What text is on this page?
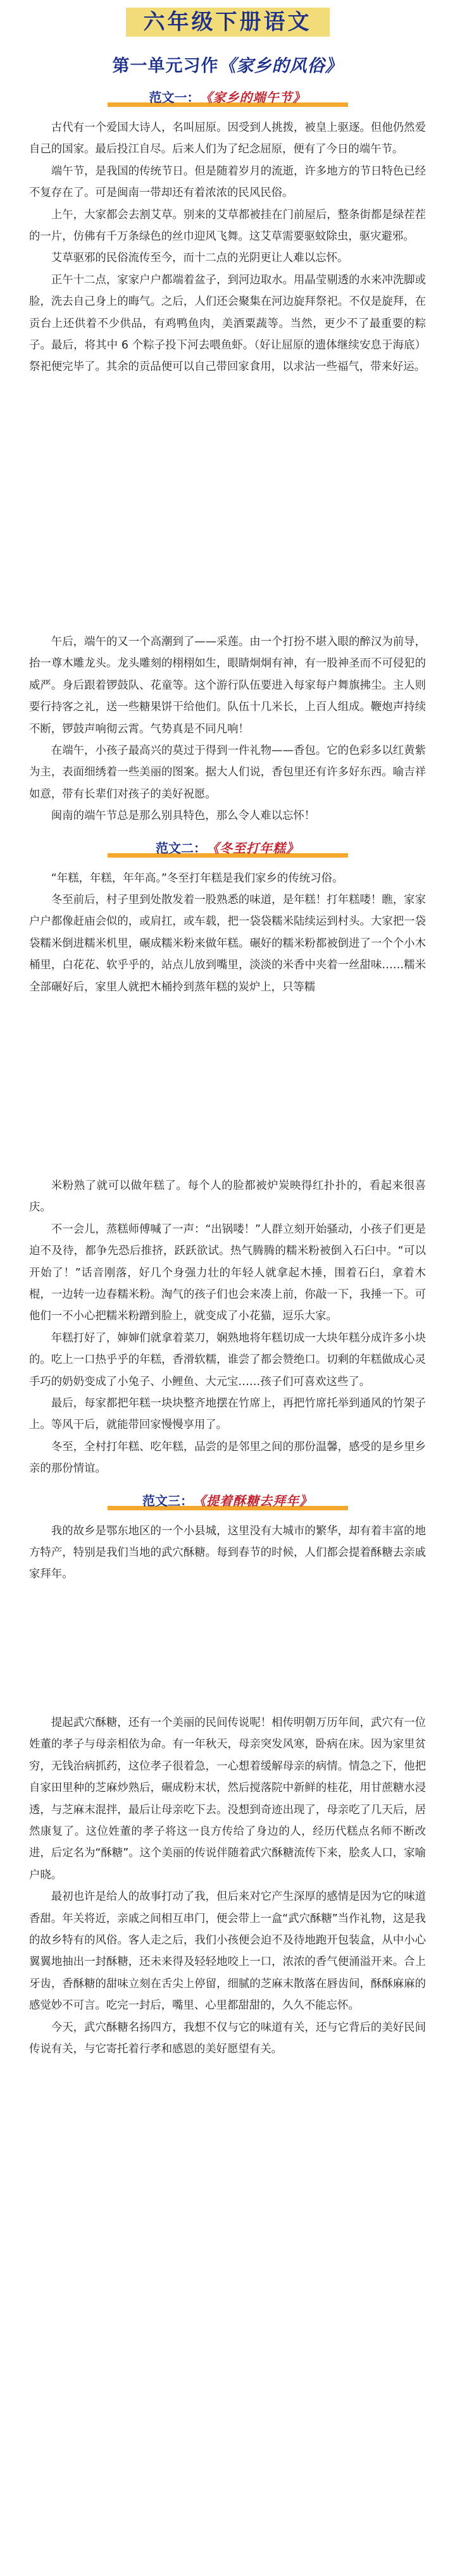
六年级下册语文
第一单元习作《家乡的风俗》
范文一： 《家乡的端午节》

古代有一个爱国大诗人，名叫屈原。因受到人挑拨，被皇上驱逐。但他仍然爱自己的国家。最后投江自尽。后来人们为了纪念屈原，便有了今日的端午节。

端午节，是我国的传统节日。但是随着岁月的流逝，许多地方的节日特色已经不复存在了。可是闽南一带却还有着浓浓的民风民俗。

上午，大家都会去割艾草。别来的艾草都被挂在门前屋后，整条街都是绿茬茬的一片，仿佛有千万条绿色的丝巾迎风飞舞。这艾草需要驱蚊除虫，驱灾避邪。

艾草驱邪的民俗流传至今，而十二点的光阴更让人难以忘怀。

正午十二点，家家户户都端着盆子，到河边取水。用晶莹剔透的水来冲洗脚或脸，洗去自己身上的晦气。之后，人们还会聚集在河边旋拜祭祀。不仅是旋拜，在贡台上还供着不少供品，有鸡鸭鱼肉，美酒粟蔬等。当然，更少不了最重要的粽子。最后，将其中 6 个粽子投下河去喂鱼虾。（好让屈原的遗体继续安息于海底）祭祀便完毕了。其余的贡品便可以自己带回家食用，以求沾一些福气，带来好运。

午后，端午的又一个高潮到了——采莲。由一个打扮不堪入眼的醉汉为前导，抬一尊木雕龙头。龙头雕刻的栩栩如生，眼睛炯炯有神，有一股神圣而不可侵犯的威严。身后跟着锣鼓队、花童等。这个游行队伍要进入每家每户舞旗拂尘。主人则要行持客之礼，送一些糖果饼干给他们。队伍十几米长，上百人组成。鞭炮声持续不断，锣鼓声响彻云霄。气势真是不同凡响！

在端午，小孩子最高兴的莫过于得到一件礼物——香包。它的色彩多以红黄紫为主，表面细绣着一些美丽的图案。据大人们说，香包里还有许多好东西。喻吉祥如意，带有长辈们对孩子的美好祝愿。

闽南的端午节总是那么别具特色，那么令人难以忘怀！

范文二： 《冬至打年糕》

“年糕，年糕，年年高。”冬至打年糕是我们家乡的传统习俗。

冬至前后，村子里到处散发着一股熟悉的味道，是年糕！打年糕喽！瞧，家家户户都像赶庙会似的，或肩扛，或车载，把一袋袋糯米陆续运到村头。大家把一袋袋糯米倒进糯米机里，碾成糯米粉来做年糕。碾好的糯米粉都被倒进了一个个小木桶里，白花花、软乎乎的，站点儿放到嘴里，淡淡的米香中夹着一丝甜味……糯米全部碾好后，家里人就把木桶拎到蒸年糕的炭炉上，只等糯

米粉熟了就可以做年糕了。每个人的脸都被炉炭映得红扑扑的，看起来很喜庆。

不一会儿，蒸糕师傅喊了一声：“出锅喽！”人群立刻开始骚动，小孩子们更是迫不及待，都争先恐后推挤，跃跃欲试。热气腾腾的糯米粉被倒入石臼中。“可以开始了！”话音刚落，好几个身强力壮的年轻人就拿起木捶，围着石臼，拿着木棍，一边转一边春糯米粉。淘气的孩子们也会来凑上前，你敲一下，我捶一下。可他们一不小心把糯米粉蹭到脸上，就变成了小花猫，逗乐大家。

年糕打好了，婶婶们就拿着菜刀，娴熟地将年糕切成一大块年糕分成许多小块的。吃上一口热乎乎的年糕，香滑软糯，谁尝了都会赞绝口。切剩的年糕做成心灵手巧的奶奶变成了小兔子、小鲤鱼、大元宝……孩子们可喜欢这些了。

最后，每家都把年糕一块块整齐地摆在竹席上，再把竹席托举到通风的竹架子上。等风干后，就能带回家慢慢享用了。

冬至，全村打年糕、吃年糕，品尝的是邻里之间的那份温馨，感受的是乡里乡亲的那份情谊。

范文三： 《提着酥糖去拜年》

我的故乡是鄂东地区的一个小县城，这里没有大城市的繁华，却有着丰富的地方特产，特别是我们当地的武穴酥糖。每到春节的时候，人们都会提着酥糖去亲戚家拜年。

提起武穴酥糖，还有一个美丽的民间传说呢！相传明朝万历年间，武穴有一位姓董的孝子与母亲相依为命。有一年秋天，母亲突发风寒，卧病在床。因为家里贫穷，无钱治病抓药，这位孝子很着急，一心想着缓解母亲的病情。情急之下，他把自家田里种的芝麻炒熟后，碾成粉末状，然后搅落院中新鲜的桂花，用甘蔗糖水浸透，与芝麻末混拌，最后让母亲吃下去。没想到奇迹出现了，母亲吃了几天后，居然康复了。这位姓董的孝子将这一良方传给了身边的人，经历代糕点名师不断改进，后定名为“酥糖”。这个美丽的传说伴随着武穴酥糖流传下来，脍炙人口，家喻户晓。

最初也许是给人的故事打动了我，但后来对它产生深厚的感情是因为它的味道香甜。年关将近，亲戚之间相互串门，便会带上一盒“武穴酥糖”当作礼物，这是我的故乡特有的风俗。客人走之后，我们小孩便会迫不及待地跑开包装盒，从中小心翼翼地抽出一封酥糖，还未来得及轻轻地咬上一口，浓浓的香气便涌溢开来。合上牙齿，香酥糖的甜味立刻在舌尖上停留，细腻的芝麻末散落在唇齿间，酥酥麻麻的感觉妙不可言。吃完一封后，嘴里、心里都甜甜的，久久不能忘怀。

今天，武穴酥糖名扬四方，我想不仅与它的味道有关，还与它背后的美好民间传说有关，与它寄托着行孝和感恩的美好愿望有关。
